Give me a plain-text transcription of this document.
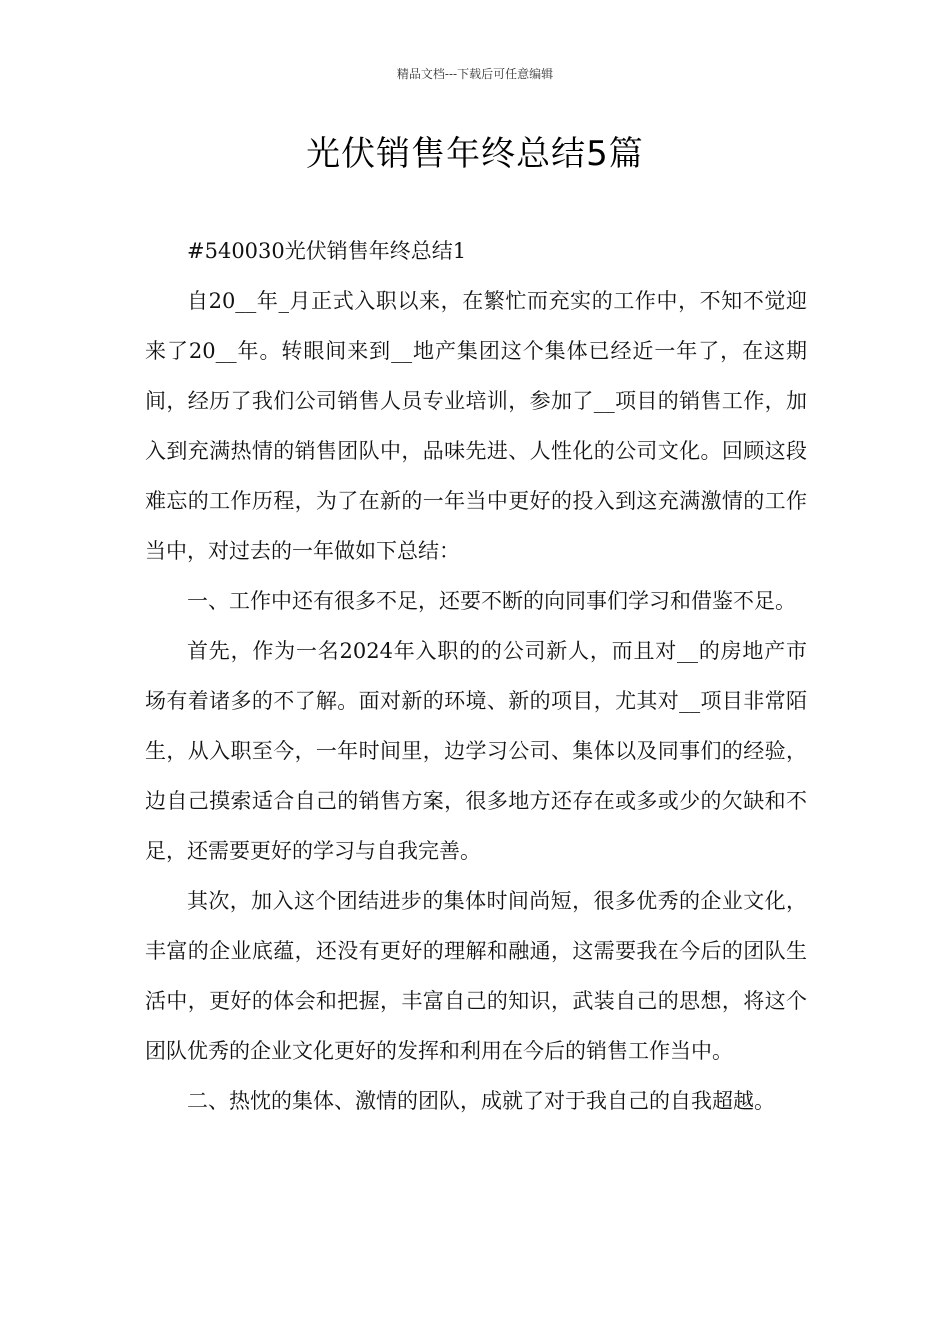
精品文档---下载后可任意编辑
光伏销售年终总结5篇

#540030光伏销售年终总结1

自20__年_月正式入职以来，在繁忙而充实的工作中，不知不觉迎来了20__年。转眼间来到__地产集团这个集体已经近一年了，在这期间，经历了我们公司销售人员专业培训，参加了__项目的销售工作，加入到充满热情的销售团队中，品味先进、人性化的公司文化。回顾这段难忘的工作历程，为了在新的一年当中更好的投入到这充满激情的工作当中，对过去的一年做如下总结：

一、工作中还有很多不足，还要不断的向同事们学习和借鉴不足。

首先，作为一名2024年入职的的公司新人，而且对__的房地产市场有着诸多的不了解。面对新的环境、新的项目，尤其对__项目非常陌生，从入职至今，一年时间里，边学习公司、集体以及同事们的经验，边自己摸索适合自己的销售方案，很多地方还存在或多或少的欠缺和不足，还需要更好的学习与自我完善。

其次，加入这个团结进步的集体时间尚短，很多优秀的企业文化，丰富的企业底蕴，还没有更好的理解和融通，这需要我在今后的团队生活中，更好的体会和把握，丰富自己的知识，武装自己的思想，将这个团队优秀的企业文化更好的发挥和利用在今后的销售工作当中。

二、热忱的集体、激情的团队，成就了对于我自己的自我超越。
